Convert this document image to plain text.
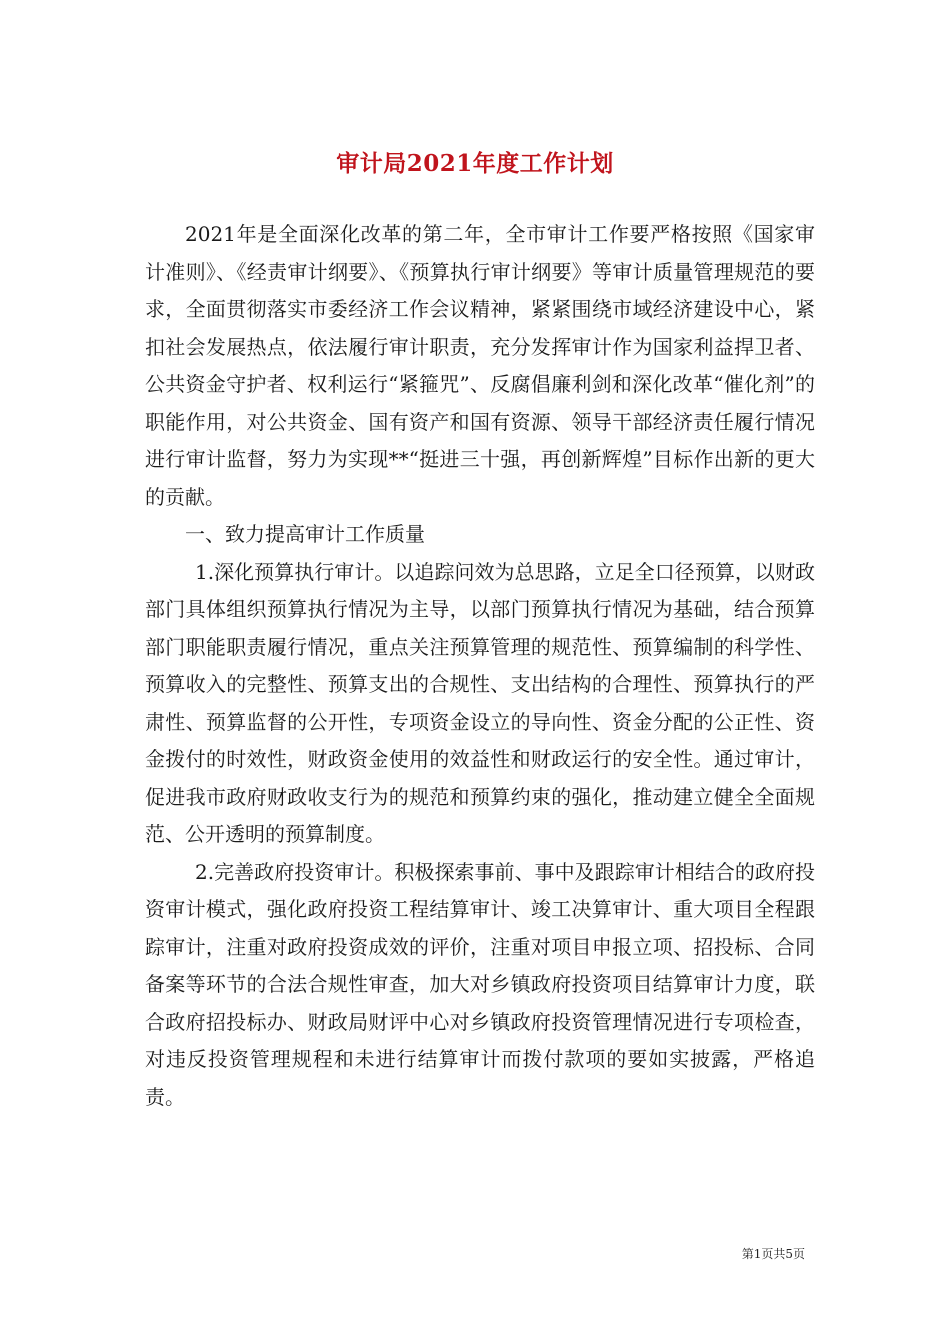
审计局2021年度工作计划

2021年是全面深化改革的第二年，全市审计工作要严格按照《国家审计准则》、《经责审计纲要》、《预算执行审计纲要》等审计质量管理规范的要求，全面贯彻落实市委经济工作会议精神，紧紧围绕市域经济建设中心，紧扣社会发展热点，依法履行审计职责，充分发挥审计作为国家利益捍卫者、公共资金守护者、权利运行“紧箍咒”、反腐倡廉利剑和深化改革“催化剂”的职能作用，对公共资金、国有资产和国有资源、领导干部经济责任履行情况进行审计监督，努力为实现**“挺进三十强，再创新辉煌”目标作出新的更大的贡献。

一、致力提高审计工作质量

1.深化预算执行审计。以追踪问效为总思路，立足全口径预算，以财政部门具体组织预算执行情况为主导，以部门预算执行情况为基础，结合预算部门职能职责履行情况，重点关注预算管理的规范性、预算编制的科学性、预算收入的完整性、预算支出的合规性、支出结构的合理性、预算执行的严肃性、预算监督的公开性，专项资金设立的导向性、资金分配的公正性、资金拨付的时效性，财政资金使用的效益性和财政运行的安全性。通过审计，促进我市政府财政收支行为的规范和预算约束的强化，推动建立健全全面规范、公开透明的预算制度。

2.完善政府投资审计。积极探索事前、事中及跟踪审计相结合的政府投资审计模式，强化政府投资工程结算审计、竣工决算审计、重大项目全程跟踪审计，注重对政府投资成效的评价，注重对项目申报立项、招投标、合同备案等环节的合法合规性审查，加大对乡镇政府投资项目结算审计力度，联合政府招投标办、财政局财评中心对乡镇政府投资管理情况进行专项检查，对违反投资管理规程和未进行结算审计而拨付款项的要如实披露，严格追责。

第1页共5页
